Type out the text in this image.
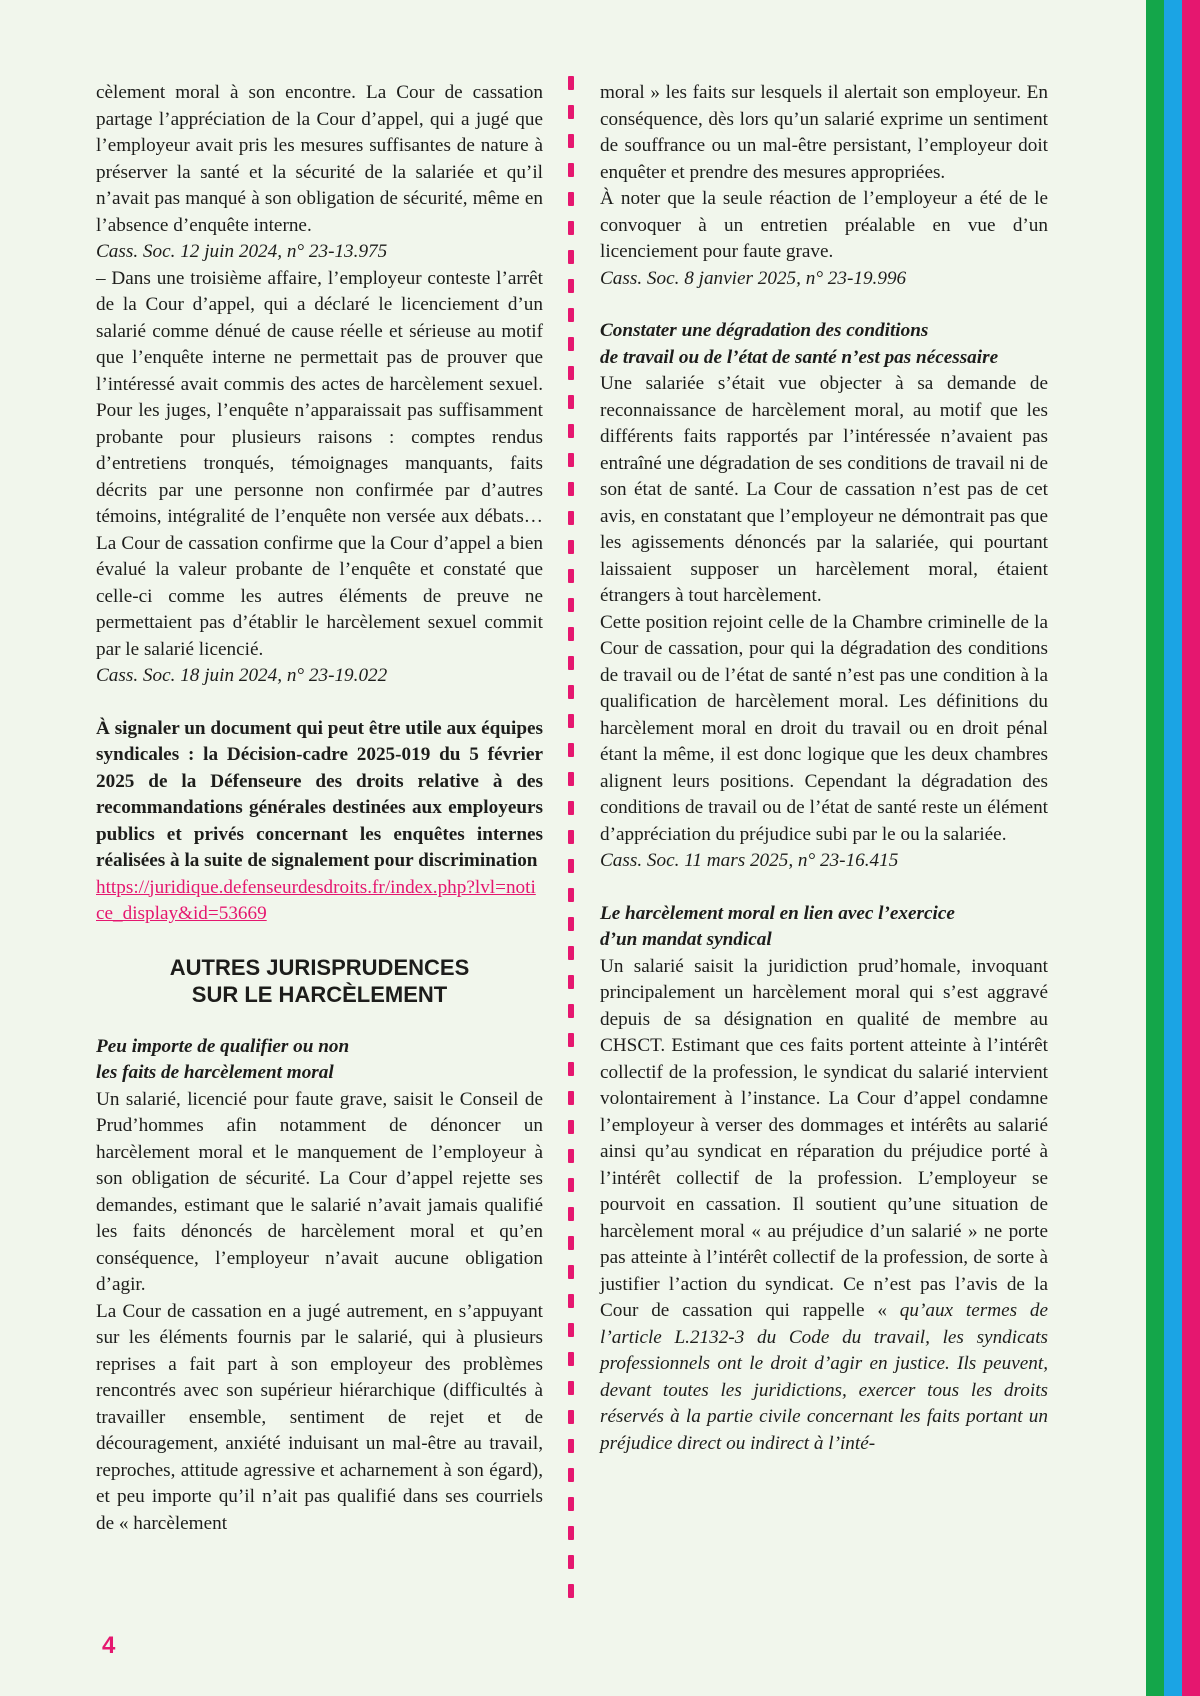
cèlement moral à son encontre. La Cour de cassation partage l’appréciation de la Cour d’appel, qui a jugé que l’employeur avait pris les mesures suffisantes de nature à préserver la santé et la sécurité de la salariée et qu’il n’avait pas manqué à son obligation de sécurité, même en l’absence d’enquête interne.

Cass. Soc. 12 juin 2024, n° 23-13.975

– Dans une troisième affaire, l’employeur conteste l’arrêt de la Cour d’appel, qui a déclaré le licenciement d’un salarié comme dénué de cause réelle et sérieuse au motif que l’enquête interne ne permettait pas de prouver que l’intéressé avait commis des actes de harcèlement sexuel. Pour les juges, l’enquête n’apparaissait pas suffisamment probante pour plusieurs raisons : comptes rendus d’entretiens tronqués, témoignages manquants, faits décrits par une personne non confirmée par d’autres témoins, intégralité de l’enquête non versée aux débats… La Cour de cassation confirme que la Cour d’appel a bien évalué la valeur probante de l’enquête et constaté que celle-ci comme les autres éléments de preuve ne permettaient pas d’établir le harcèlement sexuel commit par le salarié licencié.

Cass. Soc. 18 juin 2024, n° 23-19.022

À signaler un document qui peut être utile aux équipes syndicales : la Décision-cadre 2025-019 du 5 février 2025 de la Défenseure des droits relative à des recommandations générales destinées aux employeurs publics et privés concernant les enquêtes internes réalisées à la suite de signalement pour discrimination

https://juridique.defenseurdesdroits.fr/index.php?lvl=notice_display&id=53669

AUTRES JURISPRUDENCES
SUR LE HARCÈLEMENT

Peu importe de qualifier ou non
les faits de harcèlement moral

Un salarié, licencié pour faute grave, saisit le Conseil de Prud’hommes afin notamment de dénoncer un harcèlement moral et le manquement de l’employeur à son obligation de sécurité. La Cour d’appel rejette ses demandes, estimant que le salarié n’avait jamais qualifié les faits dénoncés de harcèlement moral et qu’en conséquence, l’employeur n’avait aucune obligation d’agir.

La Cour de cassation en a jugé autrement, en s’appuyant sur les éléments fournis par le salarié, qui à plusieurs reprises a fait part à son employeur des problèmes rencontrés avec son supérieur hiérarchique (difficultés à travailler ensemble, sentiment de rejet et de découragement, anxiété induisant un mal-être au travail, reproches, attitude agressive et acharnement à son égard), et peu importe qu’il n’ait pas qualifié dans ses courriels de « harcèlement

moral » les faits sur lesquels il alertait son employeur. En conséquence, dès lors qu’un salarié exprime un sentiment de souffrance ou un mal-être persistant, l’employeur doit enquêter et prendre des mesures appropriées.

À noter que la seule réaction de l’employeur a été de le convoquer à un entretien préalable en vue d’un licenciement pour faute grave.

Cass. Soc. 8 janvier 2025, n° 23-19.996

Constater une dégradation des conditions
de travail ou de l’état de santé n’est pas nécessaire

Une salariée s’était vue objecter à sa demande de reconnaissance de harcèlement moral, au motif que les différents faits rapportés par l’intéressée n’avaient pas entraîné une dégradation de ses conditions de travail ni de son état de santé. La Cour de cassation n’est pas de cet avis, en constatant que l’employeur ne démontrait pas que les agissements dénoncés par la salariée, qui pourtant laissaient supposer un harcèlement moral, étaient étrangers à tout harcèlement.

Cette position rejoint celle de la Chambre criminelle de la Cour de cassation, pour qui la dégradation des conditions de travail ou de l’état de santé n’est pas une condition à la qualification de harcèlement moral. Les définitions du harcèlement moral en droit du travail ou en droit pénal étant la même, il est donc logique que les deux chambres alignent leurs positions. Cependant la dégradation des conditions de travail ou de l’état de santé reste un élément d’appréciation du préjudice subi par le ou la salariée.

Cass. Soc. 11 mars 2025, n° 23-16.415

Le harcèlement moral en lien avec l’exercice
d’un mandat syndical

Un salarié saisit la juridiction prud’homale, invoquant principalement un harcèlement moral qui s’est aggravé depuis de sa désignation en qualité de membre au CHSCT. Estimant que ces faits portent atteinte à l’intérêt collectif de la profession, le syndicat du salarié intervient volontairement à l’instance. La Cour d’appel condamne l’employeur à verser des dommages et intérêts au salarié ainsi qu’au syndicat en réparation du préjudice porté à l’intérêt collectif de la profession. L’employeur se pourvoit en cassation. Il soutient qu’une situation de harcèlement moral « au préjudice d’un salarié » ne porte pas atteinte à l’intérêt collectif de la profession, de sorte à justifier l’action du syndicat. Ce n’est pas l’avis de la Cour de cassation qui rappelle « qu’aux termes de l’article L.2132-3 du Code du travail, les syndicats professionnels ont le droit d’agir en justice. Ils peuvent, devant toutes les juridictions, exercer tous les droits réservés à la partie civile concernant les faits portant un préjudice direct ou indirect à l’inté-

4
